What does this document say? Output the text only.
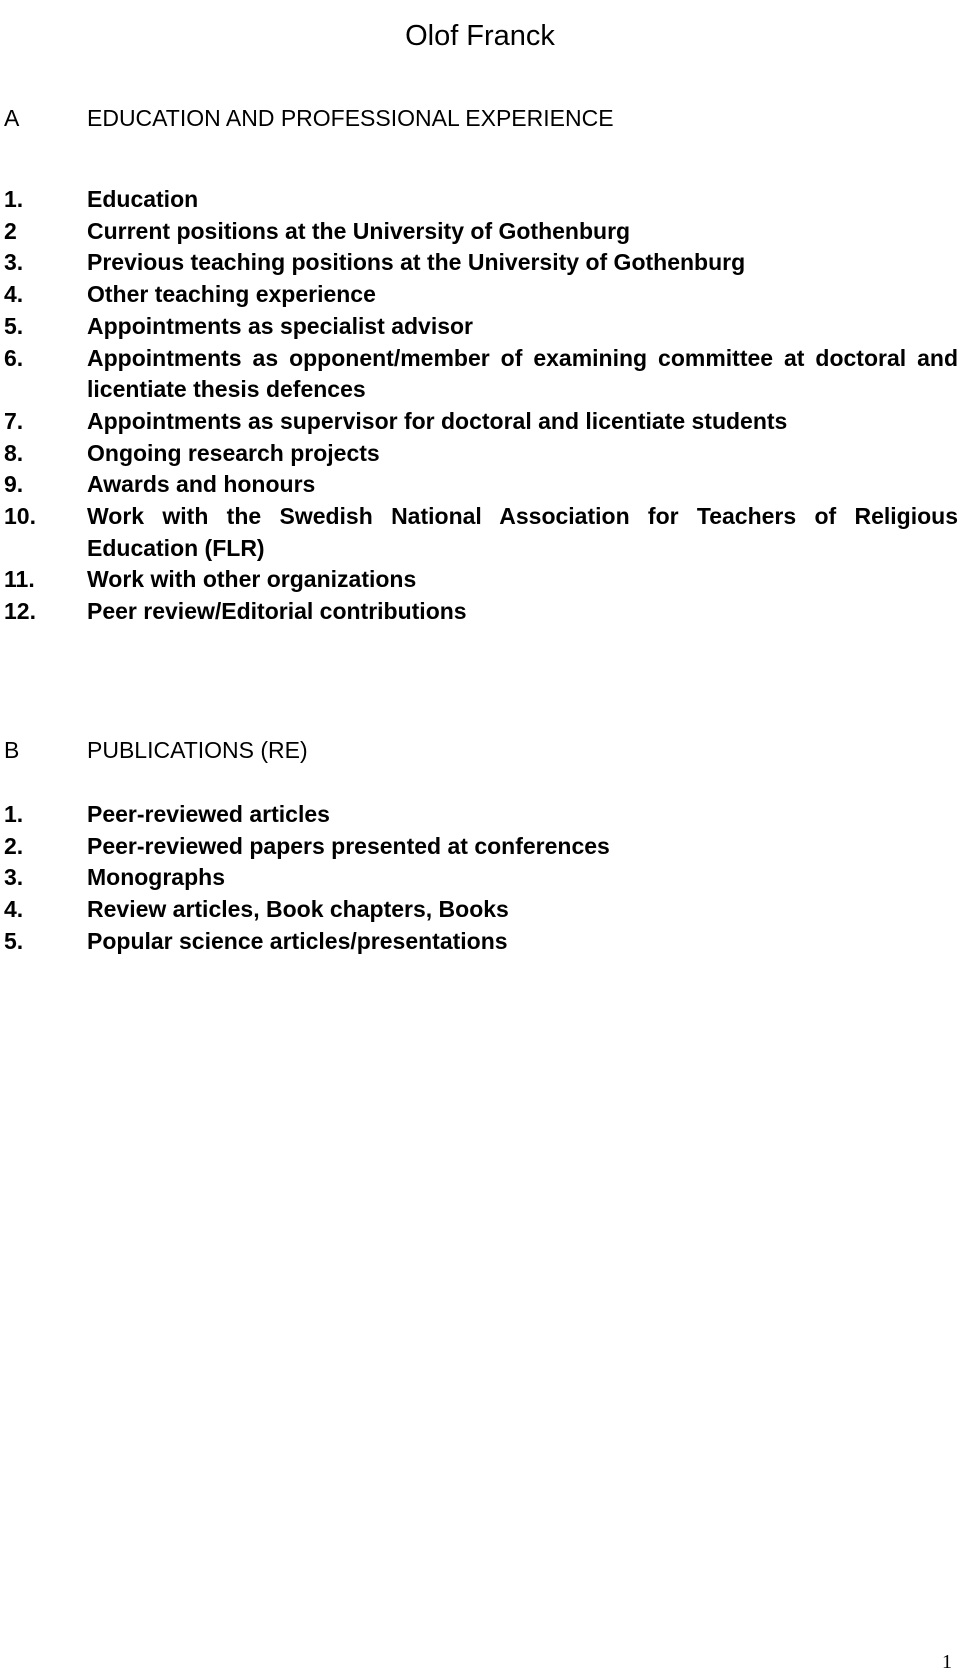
Olof Franck
A	EDUCATION AND PROFESSIONAL EXPERIENCE
1.	Education
2	Current positions at the University of Gothenburg
3.	Previous teaching positions at the University of Gothenburg
4.	Other teaching experience
5.	Appointments as specialist advisor
6.	Appointments as opponent/member of examining committee at doctoral and licentiate thesis defences
7.	Appointments as supervisor for doctoral and licentiate students
8.	Ongoing research projects
9.	Awards and honours
10. Work with the Swedish National Association for Teachers of Religious Education (FLR)
11. Work with other organizations
12. Peer review/Editorial contributions
B	PUBLICATIONS (RE)
1.	Peer-reviewed articles
2.	Peer-reviewed papers presented at conferences
3.	Monographs
4.	Review articles, Book chapters, Books
5.	Popular science articles/presentations
1
